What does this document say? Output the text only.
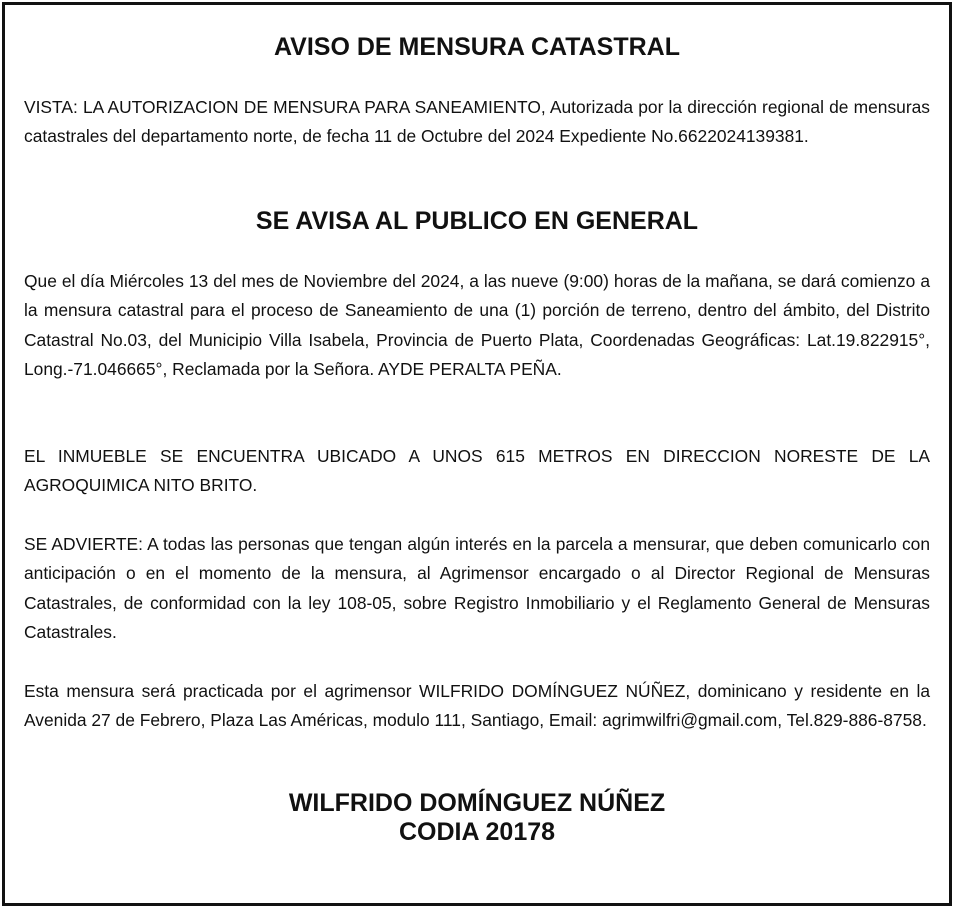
AVISO DE MENSURA CATASTRAL

VISTA: LA AUTORIZACION DE MENSURA PARA SANEAMIENTO, Autorizada por la dirección regional de mensuras catastrales del departamento norte, de fecha 11 de Octubre del 2024 Expediente No.6622024139381.

SE AVISA AL PUBLICO EN GENERAL

Que el día Miércoles 13 del mes de Noviembre del 2024, a las nueve (9:00) horas de la mañana, se dará comienzo a la mensura catastral para el proceso de Saneamiento de una (1) porción de terreno, dentro del ámbito, del Distrito Catastral No.03, del Municipio Villa Isabela, Provincia de Puerto Plata, Coordenadas Geográficas: Lat.19.822915°, Long.-71.046665°, Reclamada por la Señora. AYDE PERALTA PEÑA.

EL INMUEBLE SE ENCUENTRA UBICADO A UNOS 615 METROS EN DIRECCION NORESTE DE LA AGROQUIMICA NITO BRITO.

SE ADVIERTE: A todas las personas que tengan algún interés en la parcela a mensurar, que deben comunicarlo con anticipación o en el momento de la mensura, al Agrimensor encargado o al Director Regional de Mensuras Catastrales, de conformidad con la ley 108-05, sobre Registro Inmobiliario y el Reglamento General de Mensuras Catastrales.

Esta mensura será practicada por el agrimensor WILFRIDO DOMÍNGUEZ NÚÑEZ, dominicano y residente en la Avenida 27 de Febrero, Plaza Las Américas, modulo 111, Santiago, Email: agrimwilfri@gmail.com, Tel.829-886-8758.

WILFRIDO DOMÍNGUEZ NÚÑEZ
CODIA 20178
